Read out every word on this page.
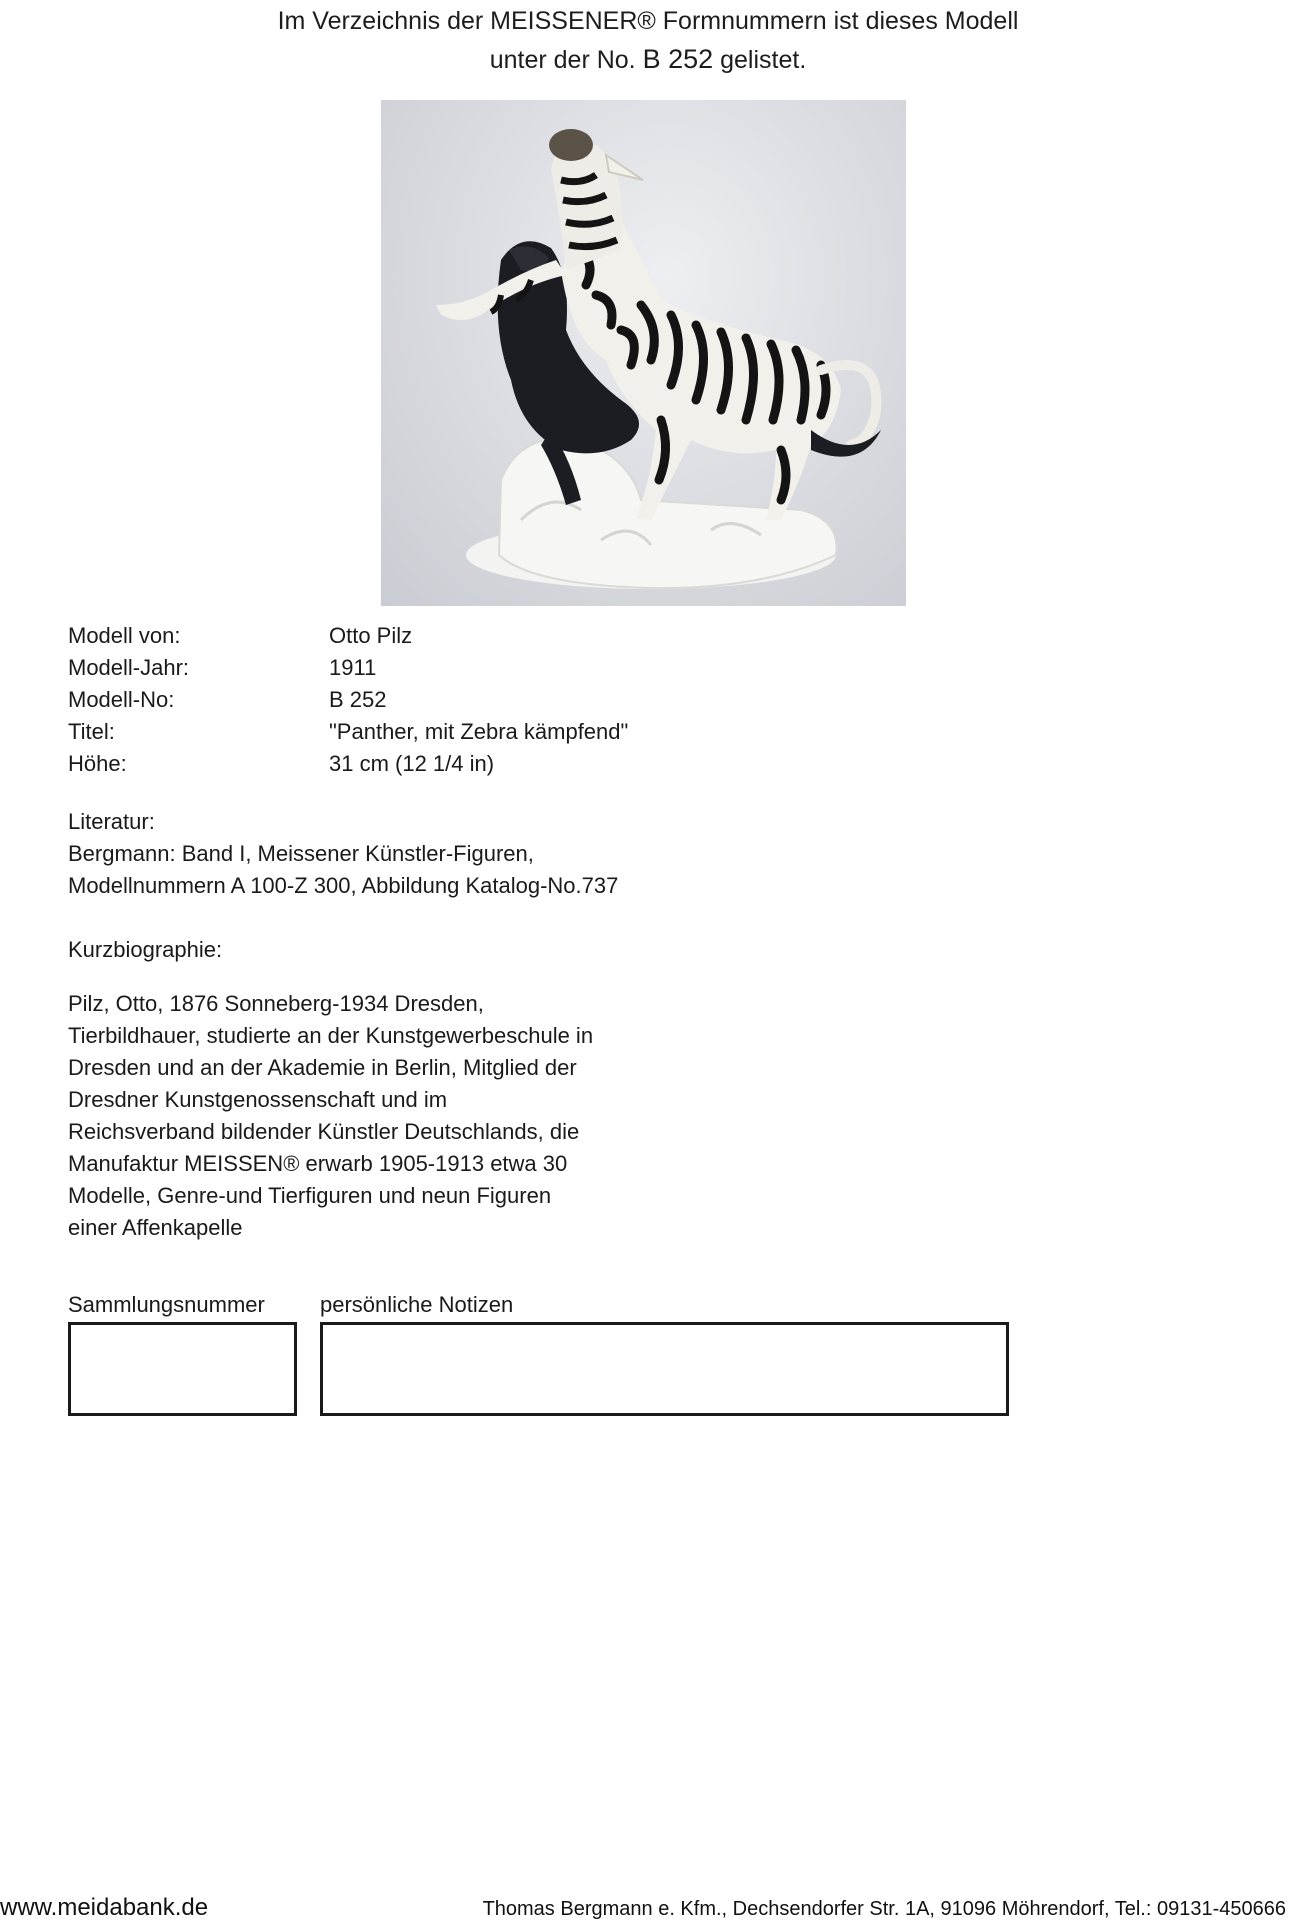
Im Verzeichnis der MEISSENER® Formnummern ist dieses Modell
unter der No. B 252 gelistet.
Modell von:	Otto Pilz
Modell-Jahr:	1911
Modell-No:	B 252
Titel:	"Panther, mit Zebra kämpfend"
Höhe:	31 cm (12 1/4 in)
Literatur:
Bergmann: Band I, Meissener Künstler-Figuren,
Modellnummern A 100-Z 300, Abbildung Katalog-No.737
Kurzbiographie:
Pilz, Otto, 1876 Sonneberg-1934 Dresden,
Tierbildhauer, studierte an der Kunstgewerbeschule in
Dresden und an der Akademie in Berlin, Mitglied der
Dresdner Kunstgenossenschaft und im
Reichsverband bildender Künstler Deutschlands, die
Manufaktur MEISSEN® erwarb 1905-1913 etwa 30
Modelle, Genre-und Tierfiguren und neun Figuren
einer Affenkapelle
Sammlungsnummer	persönliche Notizen
www.meidabank.de	Thomas Bergmann e. Kfm., Dechsendorfer Str. 1A, 91096 Möhrendorf, Tel.: 09131-450666
